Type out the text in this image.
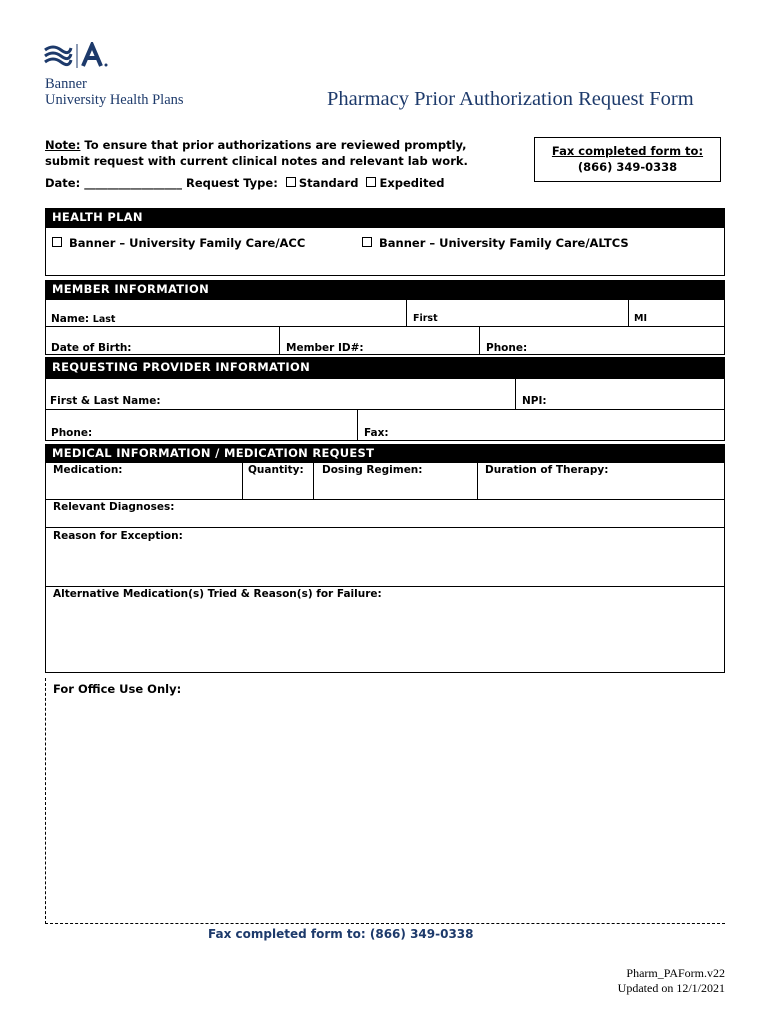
Banner
University Health Plans	Pharmacy Prior Authorization Request Form
Note: To ensure that prior authorizations are reviewed promptly,
submit request with current clinical notes and relevant lab work.
Fax completed form to:
(866) 349-0338
Date: _________________ Request Type: Standard Expedited
HEALTH PLAN
Banner – University Family Care/ACC	Banner – University Family Care/ALTCS
MEMBER INFORMATION
Name: Last	First	MI
Date of Birth:	Member ID#:	Phone:
REQUESTING PROVIDER INFORMATION
First & Last Name:	NPI:
Phone:	Fax:
MEDICAL INFORMATION / MEDICATION REQUEST
Medication:	Quantity: Dosing Regimen:	Duration of Therapy:
Relevant Diagnoses:
Reason for Exception:
Alternative Medication(s) Tried & Reason(s) for Failure:
For Office Use Only:
Fax completed form to: (866) 349-0338
Pharm_PAForm.v22
Updated on 12/1/2021
